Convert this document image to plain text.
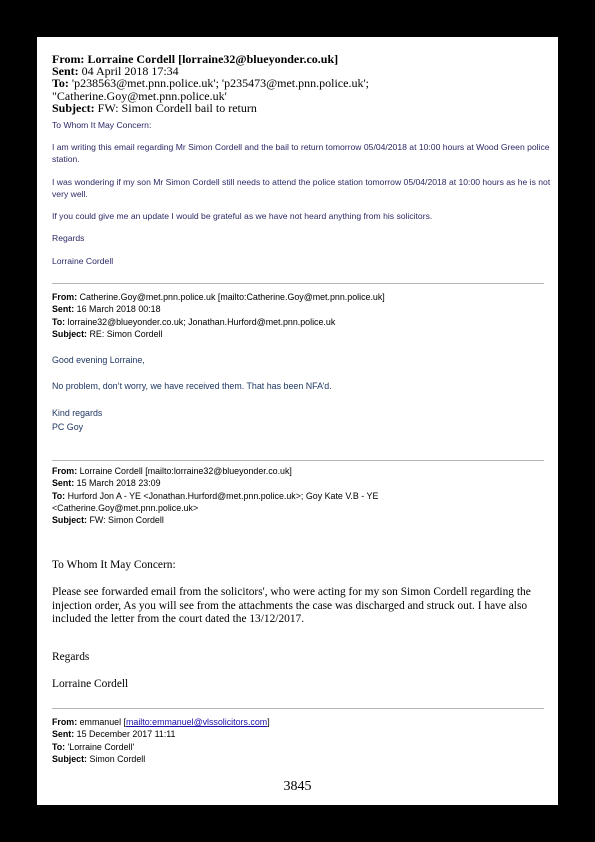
From: Lorraine Cordell [lorraine32@blueyonder.co.uk]
Sent: 04 April 2018 17:34
To: 'p238563@met.pnn.police.uk'; 'p235473@met.pnn.police.uk';
"Catherine.Goy@met.pnn.police.uk'
Subject: FW: Simon Cordell bail to return
To Whom It May Concern:
I am writing this email regarding Mr Simon Cordell and the bail to return tomorrow 05/04/2018 at 10:00 hours at Wood Green police station.
I was wondering if my son Mr Simon Cordell still needs to attend the police station tomorrow 05/04/2018 at 10:00 hours as he is not very well.
If you could give me an update I would be grateful as we have not heard anything from his solicitors.
Regards
Lorraine Cordell
From: Catherine.Goy@met.pnn.police.uk [mailto:Catherine.Goy@met.pnn.police.uk]
Sent: 16 March 2018 00:18
To: lorraine32@blueyonder.co.uk; Jonathan.Hurford@met.pnn.police.uk
Subject: RE: Simon Cordell
Good evening Lorraine,
No problem, don’t worry, we have received them. That has been NFA’d.
Kind regards
PC Goy
From: Lorraine Cordell [mailto:lorraine32@blueyonder.co.uk]
Sent: 15 March 2018 23:09
To: Hurford Jon A - YE <Jonathan.Hurford@met.pnn.police.uk>; Goy Kate V.B - YE
<Catherine.Goy@met.pnn.police.uk>
Subject: FW: Simon Cordell
To Whom It May Concern:
Please see forwarded email from the solicitors', who were acting for my son Simon Cordell regarding the injection order, As you will see from the attachments the case was discharged and struck out. I have also included the letter from the court dated the 13/12/2017.
Regards
Lorraine Cordell
From: emmanuel [mailto:emmanuel@vlssolicitors.com]
Sent: 15 December 2017 11:11
To: 'Lorraine Cordell'
Subject: Simon Cordell
3845
